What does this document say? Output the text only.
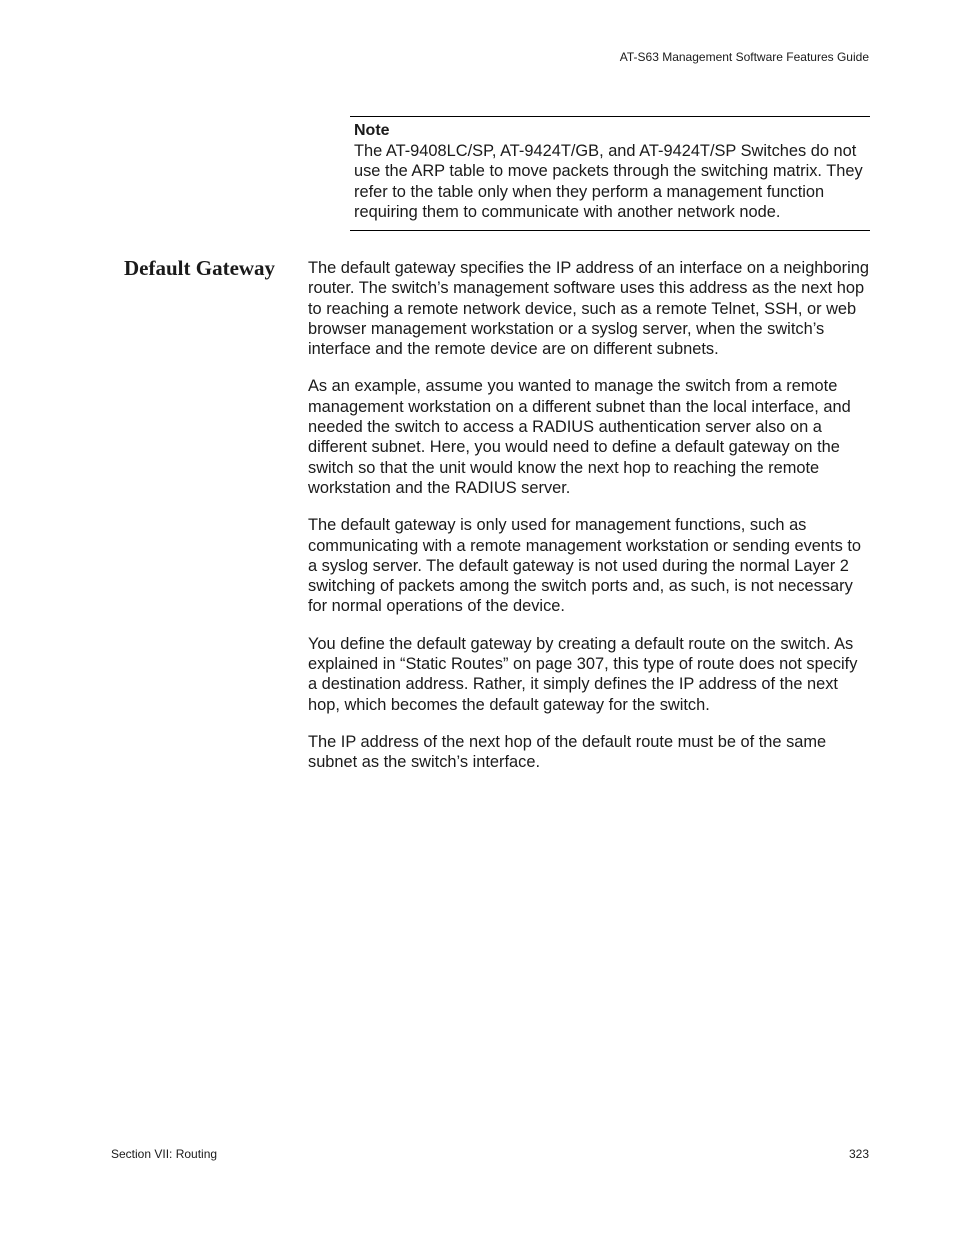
AT-S63 Management Software Features Guide

Note

The AT-9408LC/SP, AT-9424T/GB, and AT-9424T/SP Switches do not use the ARP table to move packets through the switching matrix. They refer to the table only when they perform a management function requiring them to communicate with another network node.

Default Gateway The default gateway specifies the IP address of an interface on a neighboring router. The switch’s management software uses this address as the next hop to reaching a remote network device, such as a remote Telnet, SSH, or web browser management workstation or a syslog server, when the switch’s interface and the remote device are on different subnets.

As an example, assume you wanted to manage the switch from a remote management workstation on a different subnet than the local interface, and needed the switch to access a RADIUS authentication server also on a different subnet. Here, you would need to define a default gateway on the switch so that the unit would know the next hop to reaching the remote workstation and the RADIUS server.

The default gateway is only used for management functions, such as communicating with a remote management workstation or sending events to a syslog server. The default gateway is not used during the normal Layer 2 switching of packets among the switch ports and, as such, is not necessary for normal operations of the device.

You define the default gateway by creating a default route on the switch. As explained in “Static Routes” on page 307, this type of route does not specify a destination address. Rather, it simply defines the IP address of the next hop, which becomes the default gateway for the switch.

The IP address of the next hop of the default route must be of the same subnet as the switch’s interface.

Section VII: Routing	323
